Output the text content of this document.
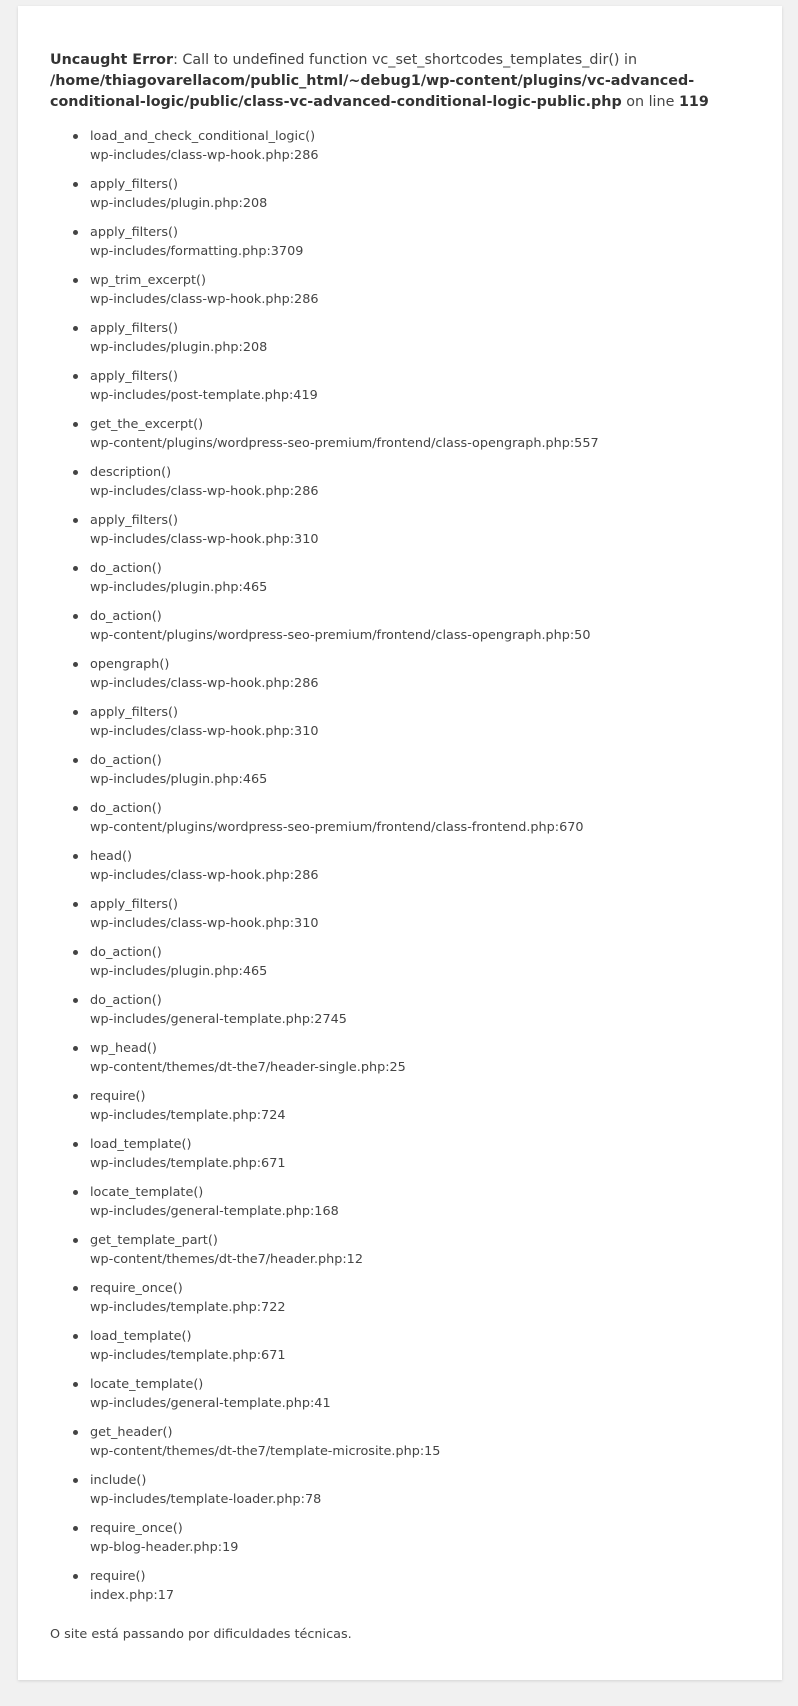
Uncaught Error: Call to undefined function vc_set_shortcodes_templates_dir() in /home/thiagovarellacom/public_html/~debug1/wp-content/plugins/vc-advanced-conditional-logic/public/class-vc-advanced-conditional-logic-public.php on line 119

load_and_check_conditional_logic()
wp-includes/class-wp-hook.php:286
apply_filters()
wp-includes/plugin.php:208
apply_filters()
wp-includes/formatting.php:3709
wp_trim_excerpt()
wp-includes/class-wp-hook.php:286
apply_filters()
wp-includes/plugin.php:208
apply_filters()
wp-includes/post-template.php:419
get_the_excerpt()
wp-content/plugins/wordpress-seo-premium/frontend/class-opengraph.php:557
description()
wp-includes/class-wp-hook.php:286
apply_filters()
wp-includes/class-wp-hook.php:310
do_action()
wp-includes/plugin.php:465
do_action()
wp-content/plugins/wordpress-seo-premium/frontend/class-opengraph.php:50
opengraph()
wp-includes/class-wp-hook.php:286
apply_filters()
wp-includes/class-wp-hook.php:310
do_action()
wp-includes/plugin.php:465
do_action()
wp-content/plugins/wordpress-seo-premium/frontend/class-frontend.php:670
head()
wp-includes/class-wp-hook.php:286
apply_filters()
wp-includes/class-wp-hook.php:310
do_action()
wp-includes/plugin.php:465
do_action()
wp-includes/general-template.php:2745
wp_head()
wp-content/themes/dt-the7/header-single.php:25
require()
wp-includes/template.php:724
load_template()
wp-includes/template.php:671
locate_template()
wp-includes/general-template.php:168
get_template_part()
wp-content/themes/dt-the7/header.php:12
require_once()
wp-includes/template.php:722
load_template()
wp-includes/template.php:671
locate_template()
wp-includes/general-template.php:41
get_header()
wp-content/themes/dt-the7/template-microsite.php:15
include()
wp-includes/template-loader.php:78
require_once()
wp-blog-header.php:19
require()
index.php:17

O site está passando por dificuldades técnicas.
